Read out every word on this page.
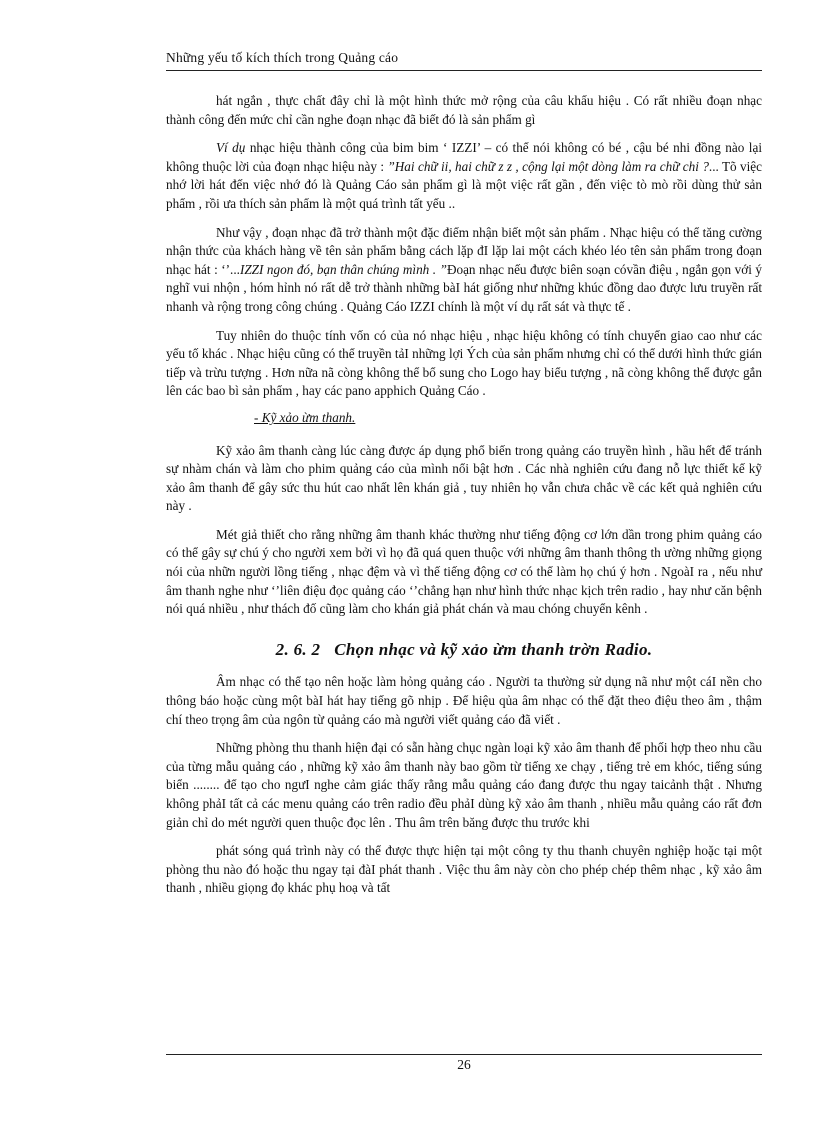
Những yếu tố kích thích trong Quảng cáo

hát ngắn , thực chất đây chỉ là một hình thức mở rộng của câu khẩu hiệu . Có rất nhiều đoạn nhạc thành công đến mức chỉ cần nghe đoạn nhạc đã biết đó là sản phẩm gì

Ví dụ nhạc hiệu thành công của bim bim ‘ IZZI’ – có thể nói không có bé , cậu bé nhi đồng nào lại không thuộc lời của đoạn nhạc hiệu này : ”Hai chữ ii, hai chữ z z , cộng lại một dòng làm ra chữ chi ?... Tõ việc nhớ lời hát đến việc nhớ đó là Quảng Cáo sản phẩm gì là một việc rất gần , đến việc tò mò rồi dùng thử sản phẩm , rồi ưa thích sản phẩm là một quá trình tất yếu ..

Như vậy , đoạn nhạc đã trở thành một đặc điểm nhận biết một sản phẩm . Nhạc hiệu có thể tăng cường nhận thức của khách hàng về tên sản phẩm bằng cách lặp đI lặp lai một cách khéo léo tên sản phẩm trong đoạn nhạc hát : ‘’...IZZI ngon đó, bạn thân chúng mình . ”Đoạn nhạc nếu được biên soạn cóvần điệu , ngắn gọn với ý nghĩ vui nhộn , hóm hỉnh nó rất dễ trở thành những bàI hát giống như những khúc đồng dao được lưu truyền rất nhanh và rộng trong công chúng . Quảng Cáo IZZI chính là một ví dụ rất sát và thực tế .

Tuy nhiên do thuộc tính vốn có của nó nhạc hiệu , nhạc hiệu không có tính chuyển giao cao như các yếu tố khác . Nhạc hiệu cũng có thể truyền tảI những lợi Ých của sản phẩm nhưng chỉ có thể dưới hình thức gián tiếp và trừu tượng . Hơn nữa nã còng không thể bổ sung cho Logo hay biểu tượng , nã còng không thể được gắn lên các bao bì sản phẩm , hay các pano apphich Quảng Cáo .

- Kỹ xảo ừm thanh.

Kỹ xảo âm thanh càng lúc càng được áp dụng phổ biến trong quảng cáo truyền hình , hầu hết để tránh sự nhàm chán và làm cho phim quảng cáo của mình nổi bật hơn . Các nhà nghiên cứu đang nỗ lực thiết kế kỹ xảo âm thanh để gây sức thu hút cao nhất lên khán giả , tuy nhiên họ vẫn chưa chắc về các kết quả nghiên cứu này .

Mét giả thiết cho rằng những âm thanh khác thường như tiếng động cơ lớn dần trong phim quảng cáo có thể gây sự chú ý cho người xem bởi vì họ đã quá quen thuộc với những âm thanh thông th ường những giọng nói của nhữn người lồng tiếng , nhạc đệm và vì thế tiếng động cơ có thể làm họ chú ý hơn . NgoàI ra , nếu như âm thanh nghe như ‘’liên điệu đọc quảng cáo ‘’chẳng hạn như hình thức nhạc kịch trên radio , hay như căn bệnh nói quá nhiều , như thách đố cũng làm cho khán giả phát chán và mau chóng chuyển kênh .

2. 6. 2 Chọn nhạc và kỹ xảo ừm thanh trờn Radio.

Âm nhạc có thể tạo nên hoặc làm hỏng quảng cáo . Người ta thường sử dụng nã như một cáI nền cho thông báo hoặc cùng một bàI hát hay tiếng gõ nhịp . Để hiệu qủa âm nhạc có thể đặt theo điệu theo âm , thậm chí theo trọng âm của ngôn từ quảng cáo mà người viết quảng cáo đã viết .

Những phòng thu thanh hiện đại có sẵn hàng chục ngàn loại kỹ xảo âm thanh để phối hợp theo nhu cầu của từng mẫu quảng cáo , những kỹ xảo âm thanh này bao gồm từ tiếng xe chạy , tiếng trẻ em khóc, tiếng súng biển ........ để tạo cho ngưI nghe cảm giác thấy rằng mẫu quảng cáo đang được thu ngay taicảnh thật . Nhưng không phảI tất cả các menu quảng cáo trên radio đều phảI dùng kỹ xảo âm thanh , nhiều mẫu quảng cáo rất đơn giản chỉ do mét người quen thuộc đọc lên . Thu âm trên băng được thu trước khi

phát sóng quá trình này có thể được thực hiện tại một công ty thu thanh chuyên nghiệp hoặc tại một phòng thu nào đó hoặc thu ngay tại đàI phát thanh . Việc thu âm này còn cho phép chép thêm nhạc , kỹ xảo âm thanh , nhiều giọng đọ khác phụ hoạ và tất

26
